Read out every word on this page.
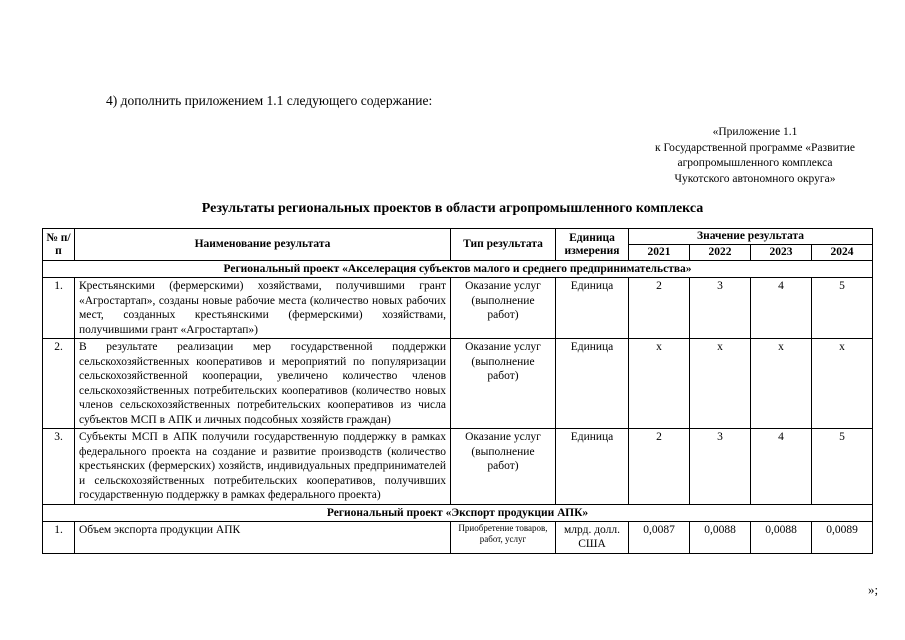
4) дополнить приложением 1.1 следующего содержание:
«Приложение 1.1
к Государственной программе «Развитие
агропромышленного комплекса
Чукотского автономного округа»
Результаты региональных проектов в области агропромышленного комплекса
№ п/п	Наименование результата	Тип результата	Единица измерения	Значение результата			
				2021	2022	2023	2024
Региональный проект «Акселерация субъектов малого и среднего предпринимательства»							
1.	Крестьянскими (фермерскими) хозяйствами, получившими грант «Агростартап», созданы новые рабочие места (количество новых рабочих мест, созданных крестьянскими (фермерскими) хозяйствами, получившими грант «Агростартап»)	Оказание услуг (выполнение работ)	Единица	2	3	4	5
2.	В результате реализации мер государственной поддержки сельскохозяйственных кооперативов и мероприятий по популяризации сельскохозяйственной кооперации, увеличено количество членов сельскохозяйственных потребительских кооперативов (количество новых членов сельскохозяйственных потребительских кооперативов из числа субъектов МСП в АПК и личных подсобных хозяйств граждан)	Оказание услуг (выполнение работ)	Единица	x	x	x	x
3.	Субъекты МСП в АПК получили государственную поддержку в рамках федерального проекта на создание и развитие производств (количество крестьянских (фермерских) хозяйств, индивидуальных предпринимателей и сельскохозяйственных потребительских кооперативов, получивших государственную поддержку в рамках федерального проекта)	Оказание услуг (выполнение работ)	Единица	2	3	4	5
Региональный проект «Экспорт продукции АПК»							
1.	Объем экспорта продукции АПК	Приобретение товаров, работ, услуг	млрд. долл. США	0,0087	0,0088	0,0088	0,0089
»;
